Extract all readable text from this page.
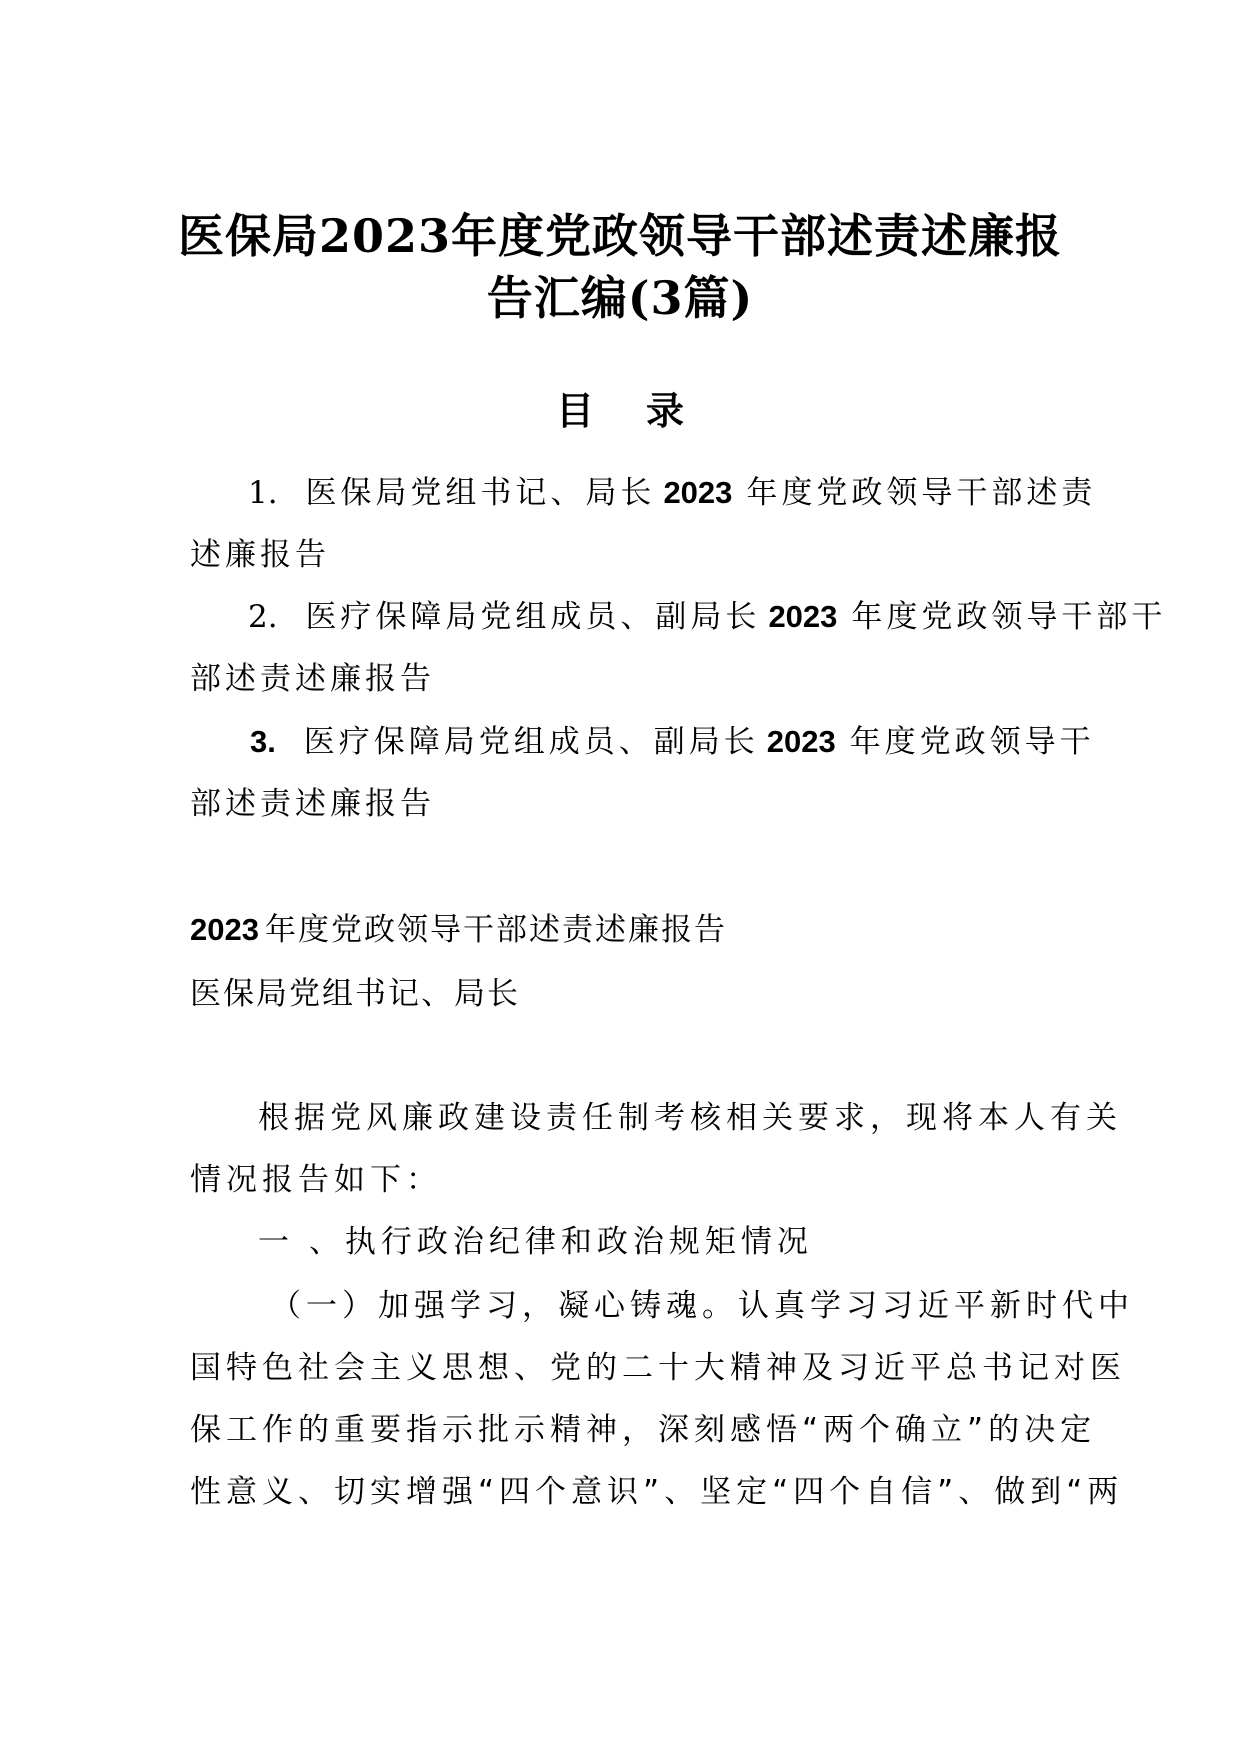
医保局2023年度党政领导干部述责述廉报
告汇编(3篇)
目录
1. 医保局党组书记、局长 2023 年度党政领导干部述责
述廉报告
2. 医疗保障局党组成员、副局长 2023 年度党政领导干部干
部述责述廉报告
3. 医疗保障局党组成员、副局长 2023 年度党政领导干
部述责述廉报告
2023 年度党政领导干部述责述廉报告
医保局党组书记、局长
根据党风廉政建设责任制考核相关要求，现将本人有关
情况报告如下：
一 、执行政治纪律和政治规矩情况
（一）加强学习，凝心铸魂。认真学习习近平新时代中
国特色社会主义思想、党的二十大精神及习近平总书记对医
保工作的重要指示批示精神，深刻感悟“两个确立”的决定
性意义、切实增强“四个意识”、坚定“四个自信”、做到“两
